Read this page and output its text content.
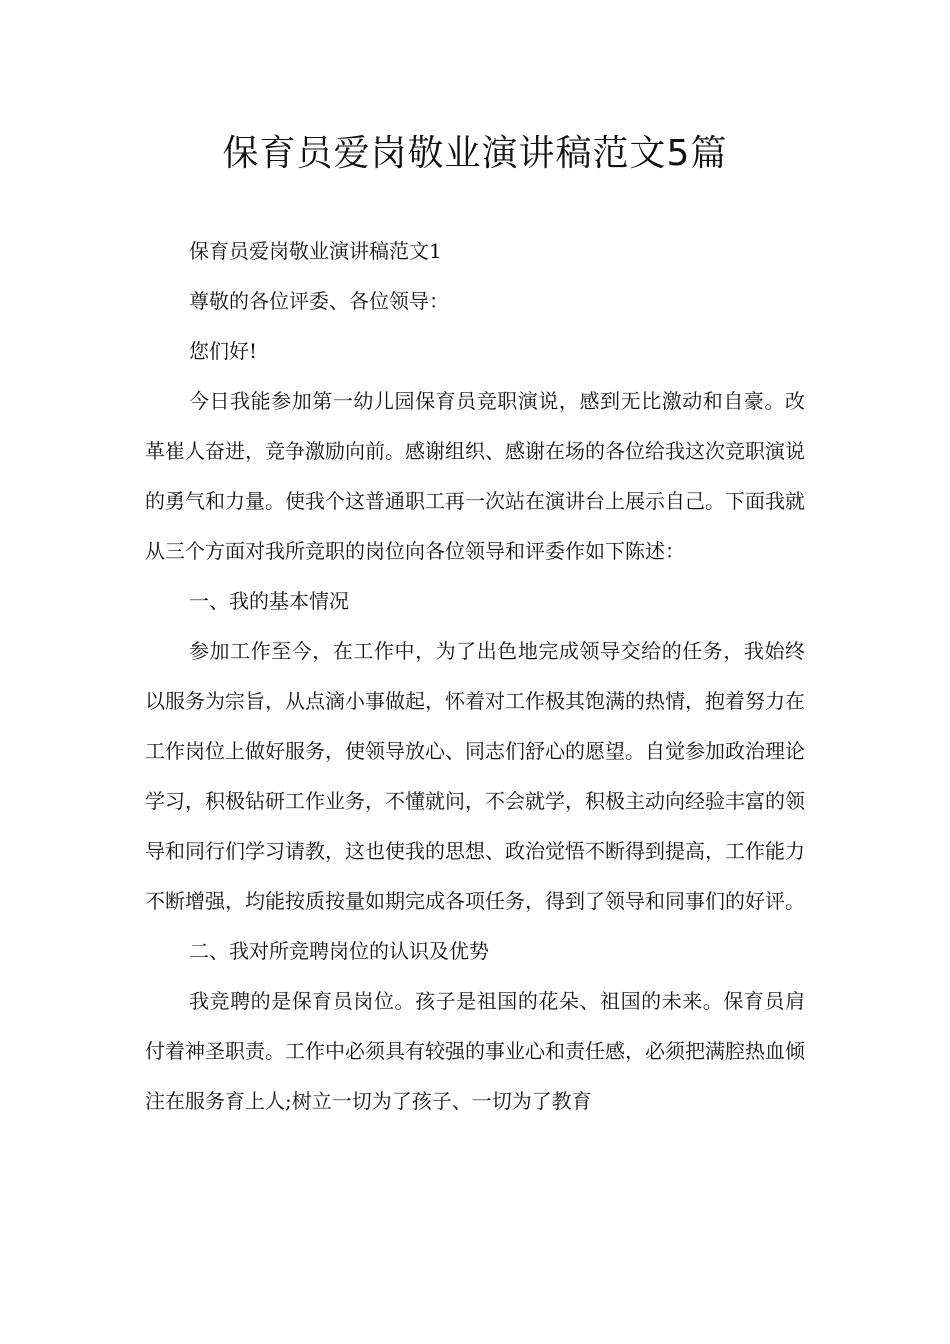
保育员爱岗敬业演讲稿范文5篇

保育员爱岗敬业演讲稿范文1

尊敬的各位评委、各位领导：

您们好!

今日我能参加第一幼儿园保育员竞职演说，感到无比激动和自豪。改革崔人奋进，竞争激励向前。感谢组织、感谢在场的各位给我这次竞职演说的勇气和力量。使我个这普通职工再一次站在演讲台上展示自己。下面我就从三个方面对我所竞职的岗位向各位领导和评委作如下陈述：

一、我的基本情况

参加工作至今，在工作中，为了出色地完成领导交给的任务，我始终以服务为宗旨，从点滴小事做起，怀着对工作极其饱满的热情，抱着努力在工作岗位上做好服务，使领导放心、同志们舒心的愿望。自觉参加政治理论学习，积极钻研工作业务，不懂就问，不会就学，积极主动向经验丰富的领导和同行们学习请教，这也使我的思想、政治觉悟不断得到提高，工作能力不断增强，均能按质按量如期完成各项任务，得到了领导和同事们的好评。

二、我对所竞聘岗位的认识及优势

我竞聘的是保育员岗位。孩子是祖国的花朵、祖国的未来。保育员肩付着神圣职责。工作中必须具有较强的事业心和责任感，必须把满腔热血倾注在服务育上人;树立一切为了孩子、一切为了教育
